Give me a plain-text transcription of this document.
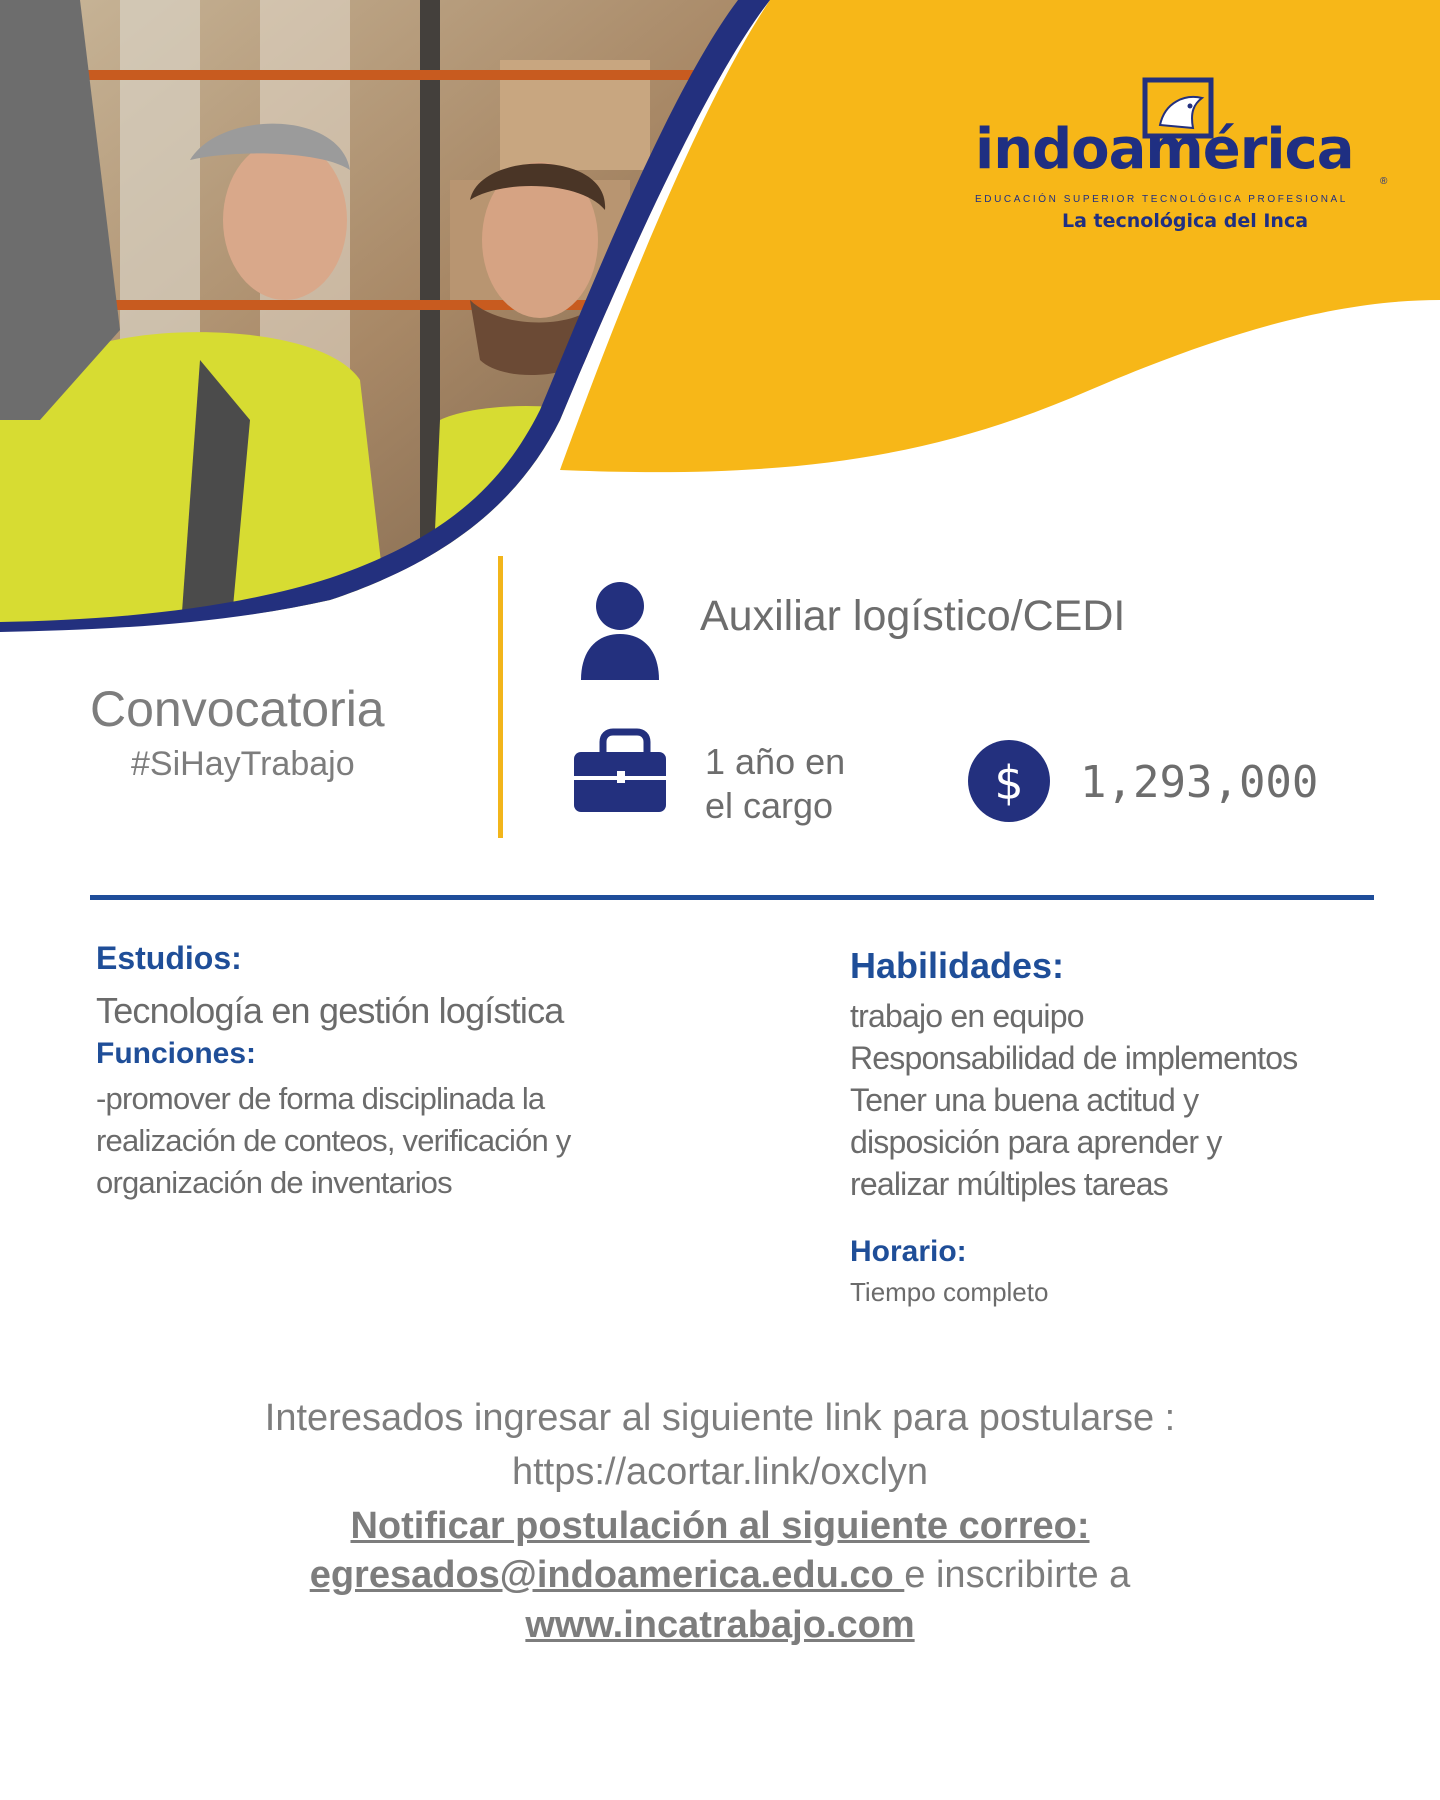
$
indoamérica	®
EDUCACIÓN SUPERIOR TECNOLÓGICA PROFESIONAL
La tecnológica del Inca
Convocatoria
#SiHayTrabajo
Auxiliar logístico/CEDI
1 año en
el cargo	1,293,000
Estudios:
Tecnología en gestión logística
Funciones:
-promover de forma disciplinada la
realización de conteos, verificación y
organización de inventarios
Habilidades:
trabajo en equipo
Responsabilidad de implementos
Tener una buena actitud y
disposición para aprender y
realizar múltiples tareas
Horario:
Tiempo completo
Interesados ingresar al siguiente link para postularse :
https://acortar.link/oxclyn
Notificar postulación al siguiente correo:
egresados@indoamerica.edu.co e inscribirte a
www.incatrabajo.com
